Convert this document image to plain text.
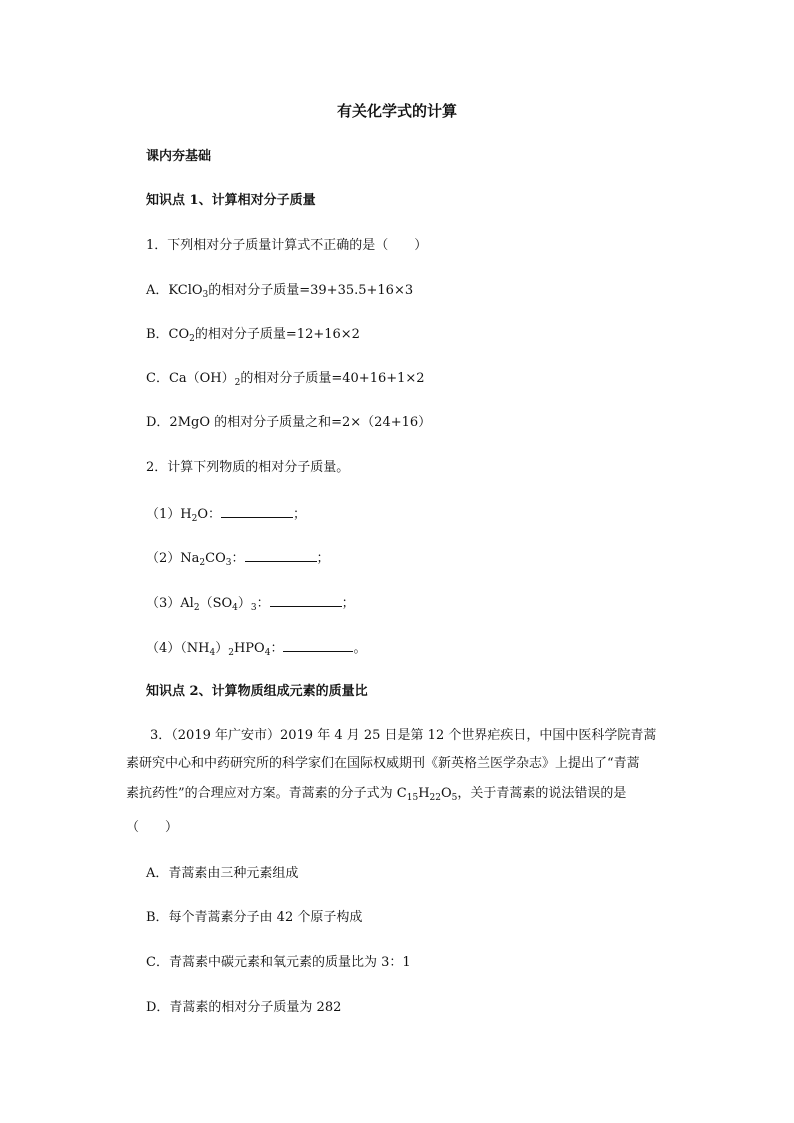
有关化学式的计算
课内夯基础
知识点 1、计算相对分子质量
1．下列相对分子质量计算式不正确的是（　　）
A．KClO$_3$的相对分子质量=39+35.5+16×3
B．$CO_2$的相对分子质量=12+16×2
C．$Ca(OH)_2$的相对分子质量=40+16+1×2
D．2MgO 的相对分子质量之和=2×（24+16）
2．计算下列物质的相对分子质量。
$(1)H_2O$：	；
$(2)Na_2CO_3$：	；
$(3)Al_2(SO_4)_3$：	；
$(4)(NH_4)_2HPO_4$：	。
知识点 2、计算物质组成元素的质量比
3．（2019 年广安市）2019 年 4 月 25 日是第 12 个世界疟疾日，中国中医科学院青蒿
素研究中心和中药研究所的科学家们在国际权威期刊《新英格兰医学杂志》上提出了“青蒿
素抗药性”的合理应对方案。青蒿素的分子式为 $C_{15}H_{22}O_5$，关于青蒿素的说法错误的是
（　　）
A．青蒿素由三种元素组成
B．每个青蒿素分子由 42 个原子构成
C．青蒿素中碳元素和氧元素的质量比为 3：1
D．青蒿素的相对分子质量为 282
